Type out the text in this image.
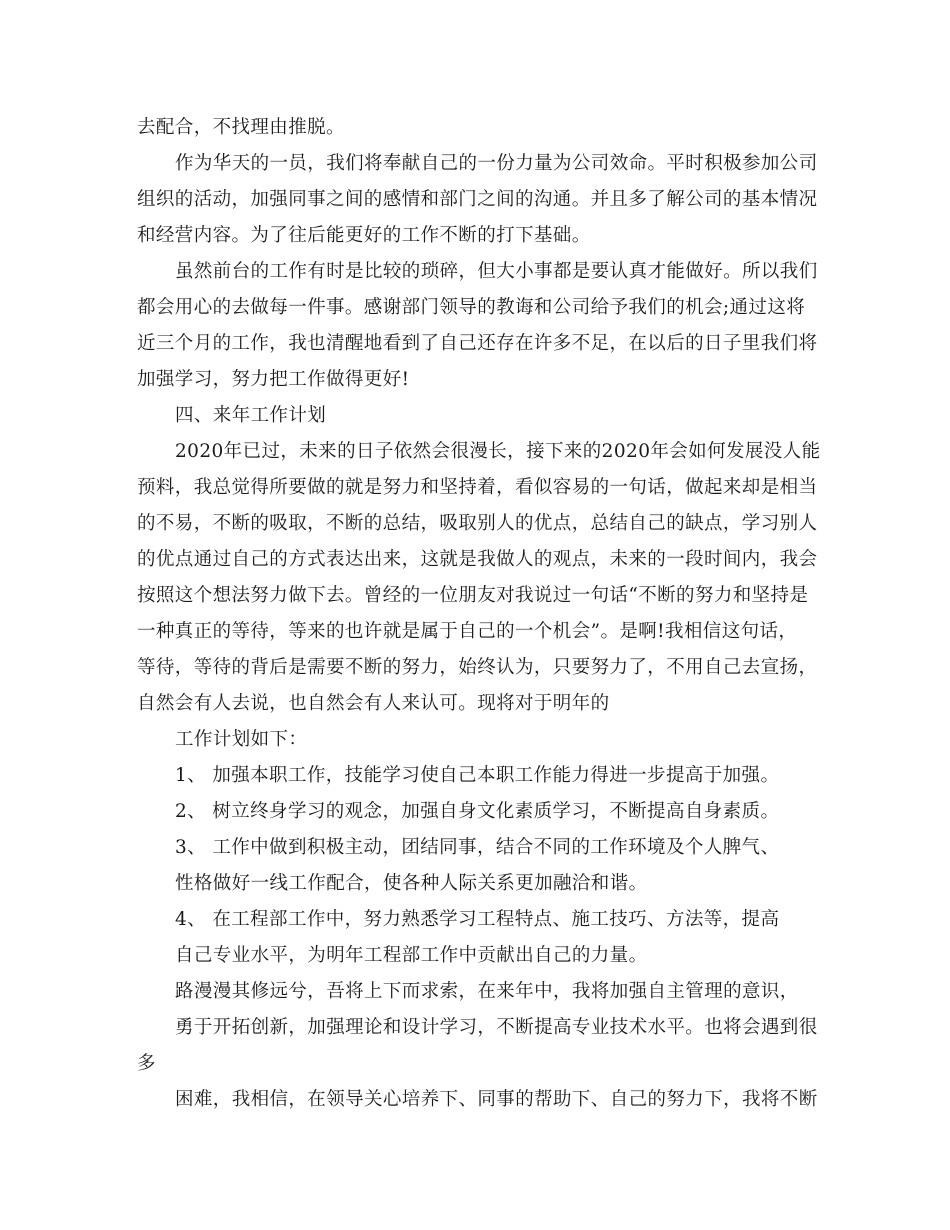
去配合，不找理由推脱。
作为华天的一员，我们将奉献自己的一份力量为公司效命。平时积极参加公司
组织的活动，加强同事之间的感情和部门之间的沟通。并且多了解公司的基本情况
和经营内容。为了往后能更好的工作不断的打下基础。
虽然前台的工作有时是比较的琐碎，但大小事都是要认真才能做好。所以我们
都会用心的去做每一件事。感谢部门领导的教诲和公司给予我们的机会;通过这将
近三个月的工作，我也清醒地看到了自己还存在许多不足，在以后的日子里我们将
加强学习，努力把工作做得更好!
四、来年工作计划
2020年已过，未来的日子依然会很漫长，接下来的2020年会如何发展没人能
预料，我总觉得所要做的就是努力和坚持着，看似容易的一句话，做起来却是相当
的不易，不断的吸取，不断的总结，吸取别人的优点，总结自己的缺点，学习别人
的优点通过自己的方式表达出来，这就是我做人的观点，未来的一段时间内，我会
按照这个想法努力做下去。曾经的一位朋友对我说过一句话“不断的努力和坚持是
一种真正的等待，等来的也许就是属于自己的一个机会”。是啊!我相信这句话，
等待，等待的背后是需要不断的努力，始终认为，只要努力了，不用自己去宣扬，
自然会有人去说，也自然会有人来认可。现将对于明年的
工作计划如下：
1、 加强本职工作，技能学习使自己本职工作能力得进一步提高于加强。
2、 树立终身学习的观念，加强自身文化素质学习，不断提高自身素质。
3、 工作中做到积极主动，团结同事，结合不同的工作环境及个人脾气、
性格做好一线工作配合，使各种人际关系更加融洽和谐。
4、 在工程部工作中，努力熟悉学习工程特点、施工技巧、方法等，提高
自己专业水平，为明年工程部工作中贡献出自己的力量。
路漫漫其修远兮，吾将上下而求索，在来年中，我将加强自主管理的意识，
勇于开拓创新，加强理论和设计学习，不断提高专业技术水平。也将会遇到很
多
困难，我相信，在领导关心培养下、同事的帮助下、自己的努力下，我将不断
